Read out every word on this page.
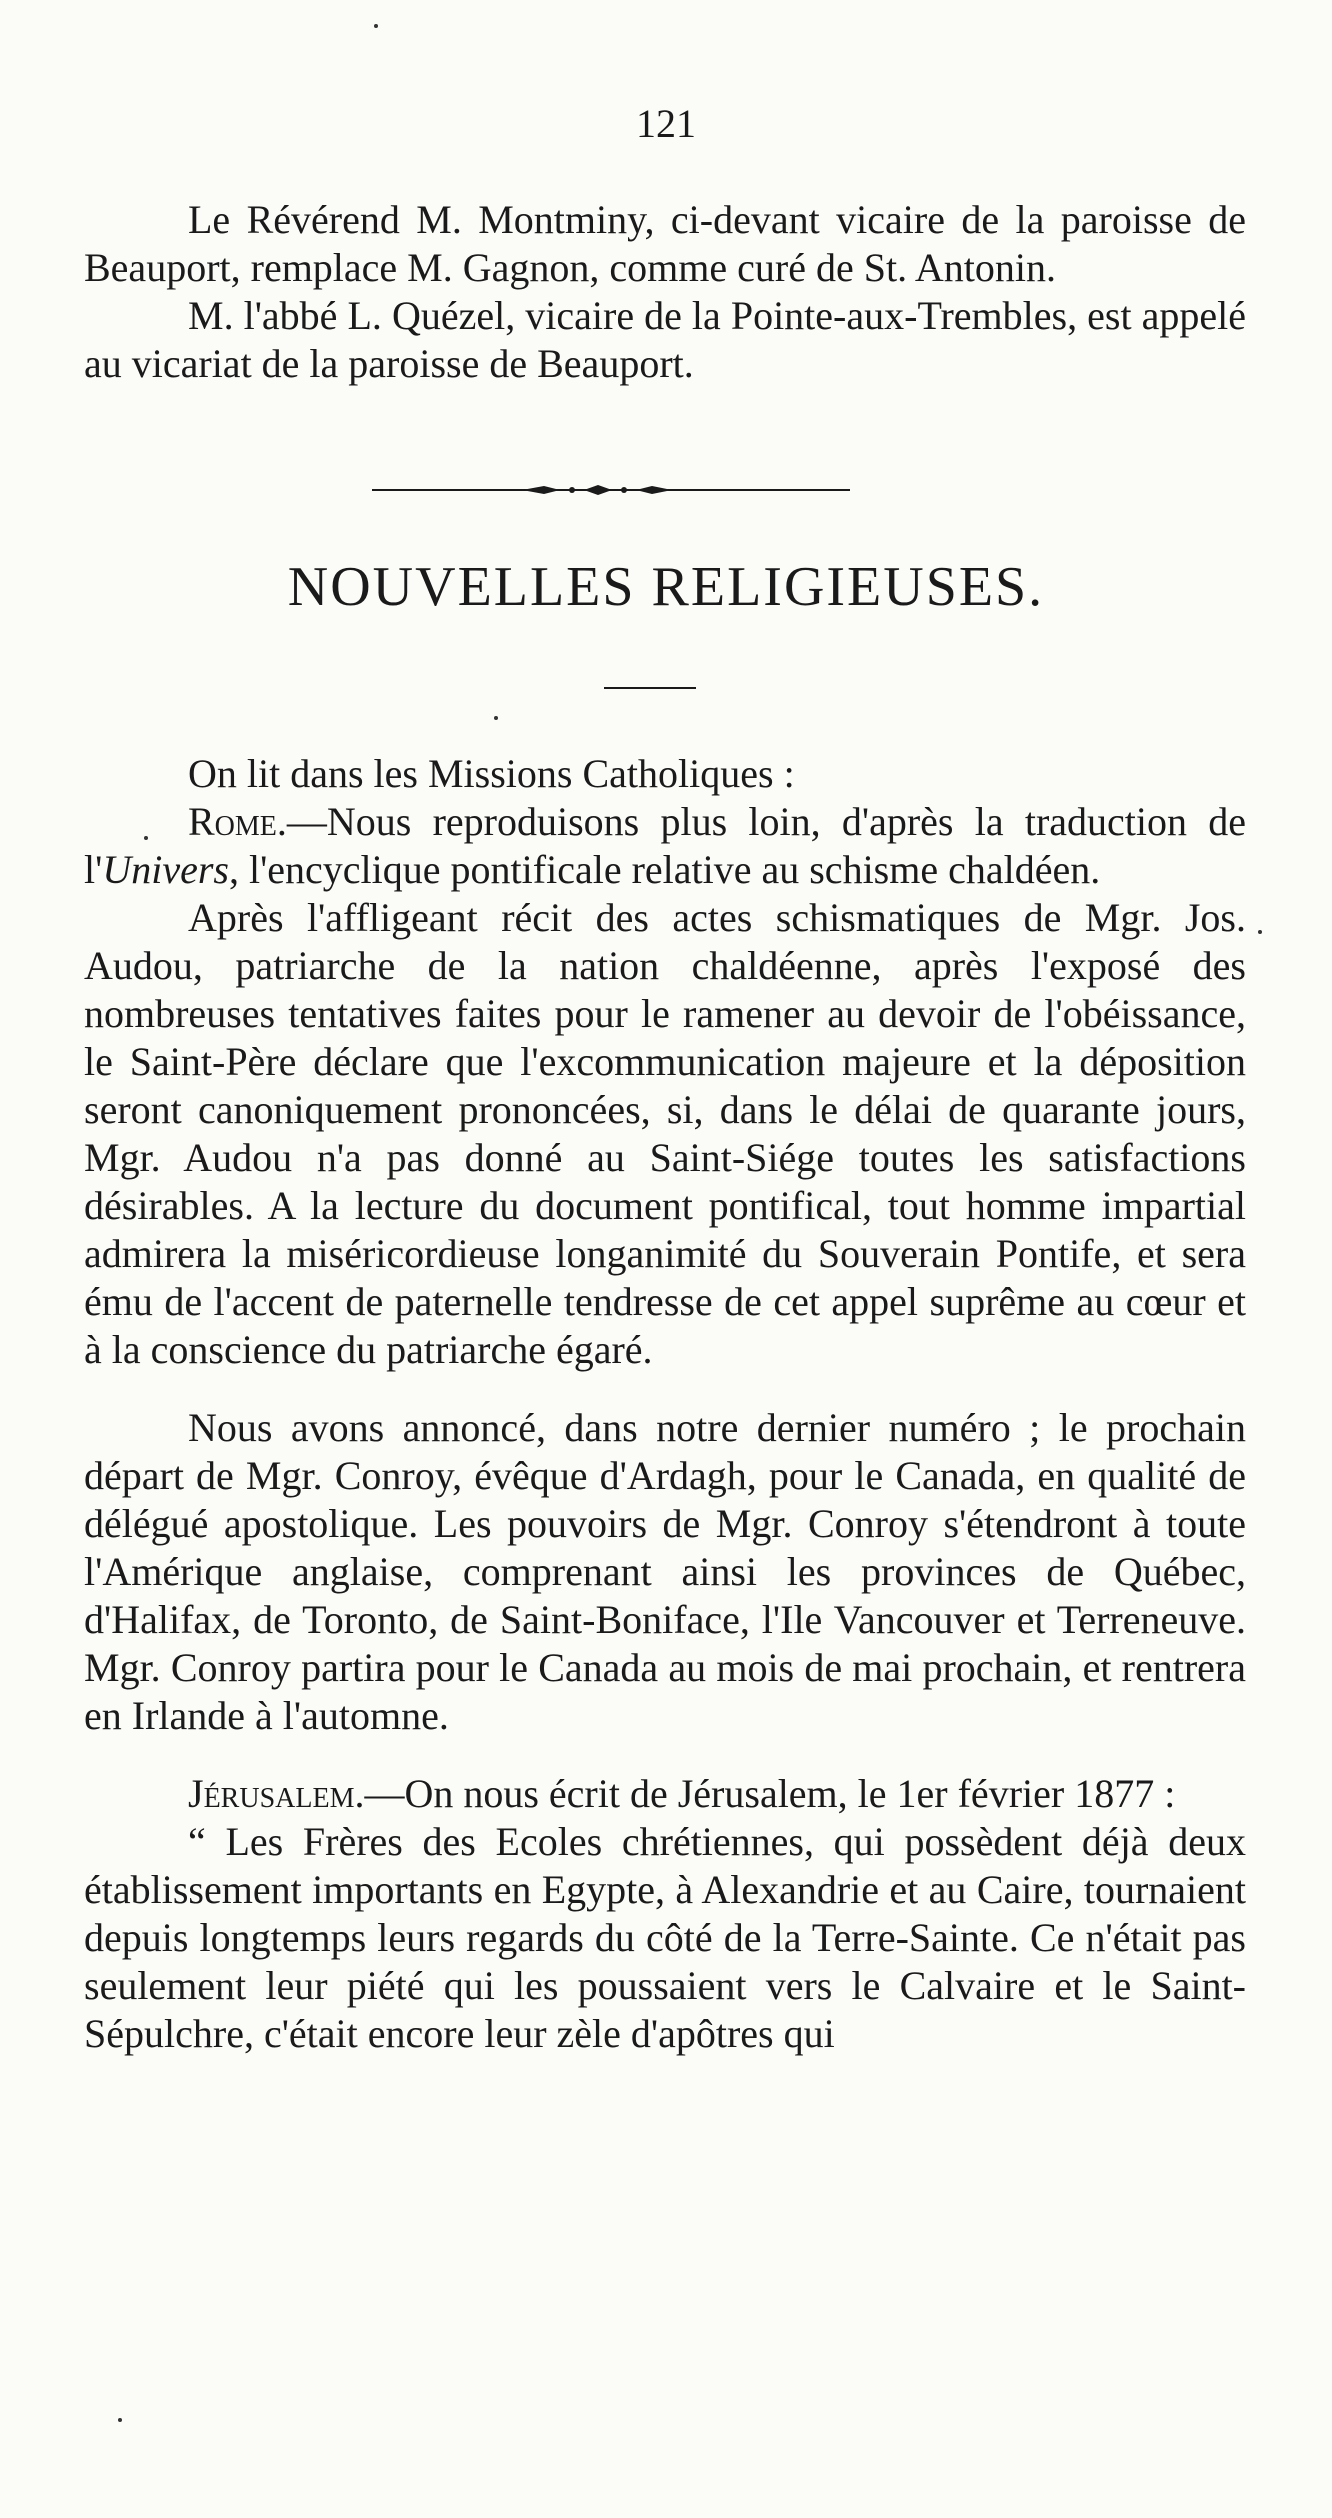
121

Le Révérend M. Montminy, ci-devant vicaire de la paroisse de Beauport, remplace M. Gagnon, comme curé de St. Antonin.

M. l'abbé L. Quézel, vicaire de la Pointe-aux-Trembles, est appelé au vicariat de la paroisse de Beauport.

NOUVELLES RELIGIEUSES.

On lit dans les Missions Catholiques :

Rome.—Nous reproduisons plus loin, d'après la traduction de l'Univers, l'encyclique pontificale relative au schisme chaldéen.

Après l'affligeant récit des actes schismatiques de Mgr. Jos. Audou, patriarche de la nation chaldéenne, après l'exposé des nombreuses tentatives faites pour le ramener au devoir de l'obéissance, le Saint-Père déclare que l'excommunication majeure et la déposition seront canoniquement prononcées, si, dans le délai de quarante jours, Mgr. Audou n'a pas donné au Saint-Siége toutes les satisfactions désirables. A la lecture du document pontifical, tout homme impartial admirera la miséricordieuse longanimité du Souverain Pontife, et sera ému de l'accent de paternelle tendresse de cet appel suprême au cœur et à la conscience du patriarche égaré.

Nous avons annoncé, dans notre dernier numéro ; le prochain départ de Mgr. Conroy, évêque d'Ardagh, pour le Canada, en qualité de délégué apostolique. Les pouvoirs de Mgr. Conroy s'étendront à toute l'Amérique anglaise, comprenant ainsi les provinces de Québec, d'Halifax, de Toronto, de Saint-Boniface, l'Ile Vancouver et Terreneuve. Mgr. Conroy partira pour le Canada au mois de mai prochain, et rentrera en Irlande à l'automne.

Jérusalem.—On nous écrit de Jérusalem, le 1er février 1877 :

“ Les Frères des Ecoles chrétiennes, qui possèdent déjà deux établissement importants en Egypte, à Alexandrie et au Caire, tournaient depuis longtemps leurs regards du côté de la Terre-Sainte. Ce n'était pas seulement leur piété qui les poussaient vers le Calvaire et le Saint-Sépulchre, c'était encore leur zèle d'apôtres qui
